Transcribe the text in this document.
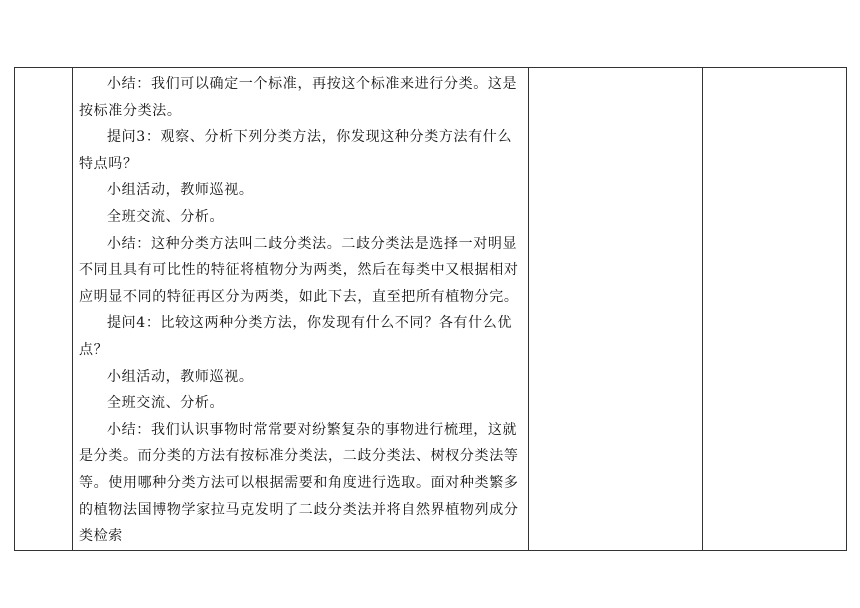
小结：我们可以确定一个标准，再按这个标准来进行分类。这是按标准分类法。

提问3：观察、分析下列分类方法，你发现这种分类方法有什么特点吗？

小组活动，教师巡视。

全班交流、分析。

小结：这种分类方法叫二歧分类法。二歧分类法是选择一对明显不同且具有可比性的特征将植物分为两类，然后在每类中又根据相对应明显不同的特征再区分为两类，如此下去，直至把所有植物分完。

提问4：比较这两种分类方法，你发现有什么不同？各有什么优点？

小组活动，教师巡视。

全班交流、分析。

小结：我们认识事物时常常要对纷繁复杂的事物进行梳理，这就是分类。而分类的方法有按标准分类法，二歧分类法、树杈分类法等等。使用哪种分类方法可以根据需要和角度进行选取。面对种类繁多的植物法国博物学家拉马克发明了二歧分类法并将自然界植物列成分类检索
